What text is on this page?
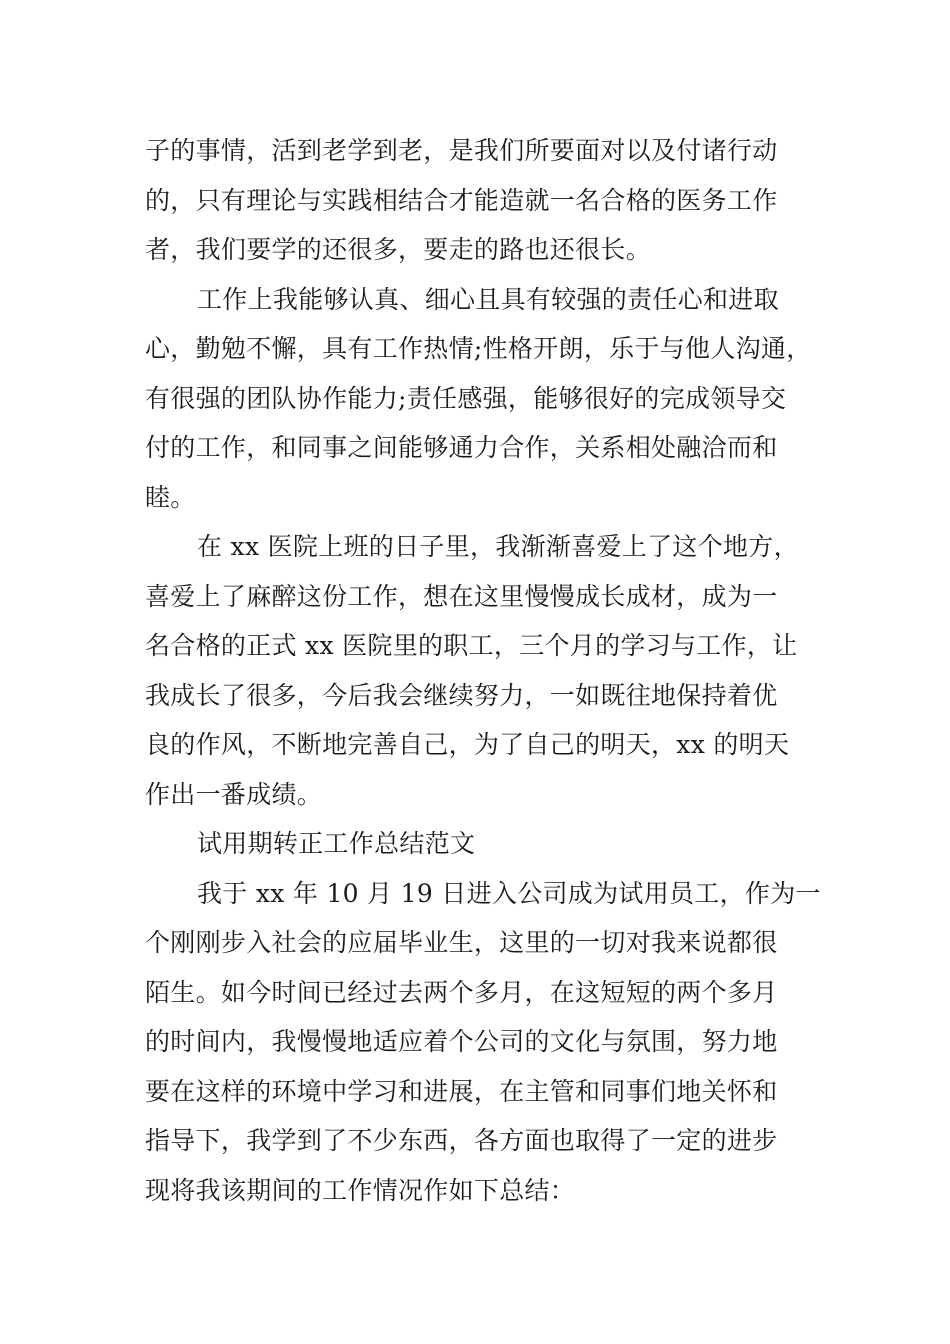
子的事情，活到老学到老，是我们所要面对以及付诸行动
的，只有理论与实践相结合才能造就一名合格的医务工作
者，我们要学的还很多，要走的路也还很长。
工作上我能够认真、细心且具有较强的责任心和进取
心，勤勉不懈，具有工作热情;性格开朗，乐于与他人沟通，
有很强的团队协作能力;责任感强，能够很好的完成领导交
付的工作，和同事之间能够通力合作，关系相处融洽而和
睦。
在 xx 医院上班的日子里，我渐渐喜爱上了这个地方，
喜爱上了麻醉这份工作，想在这里慢慢成长成材，成为一
名合格的正式 xx 医院里的职工，三个月的学习与工作，让
我成长了很多，今后我会继续努力，一如既往地保持着优
良的作风，不断地完善自己，为了自己的明天，xx 的明天
作出一番成绩。
试用期转正工作总结范文
我于 xx 年 10 月 19 日进入公司成为试用员工，作为一
个刚刚步入社会的应届毕业生，这里的一切对我来说都很
陌生。如今时间已经过去两个多月，在这短短的两个多月
的时间内，我慢慢地适应着个公司的文化与氛围，努力地
要在这样的环境中学习和进展，在主管和同事们地关怀和
指导下，我学到了不少东西，各方面也取得了一定的进步
现将我该期间的工作情况作如下总结：
